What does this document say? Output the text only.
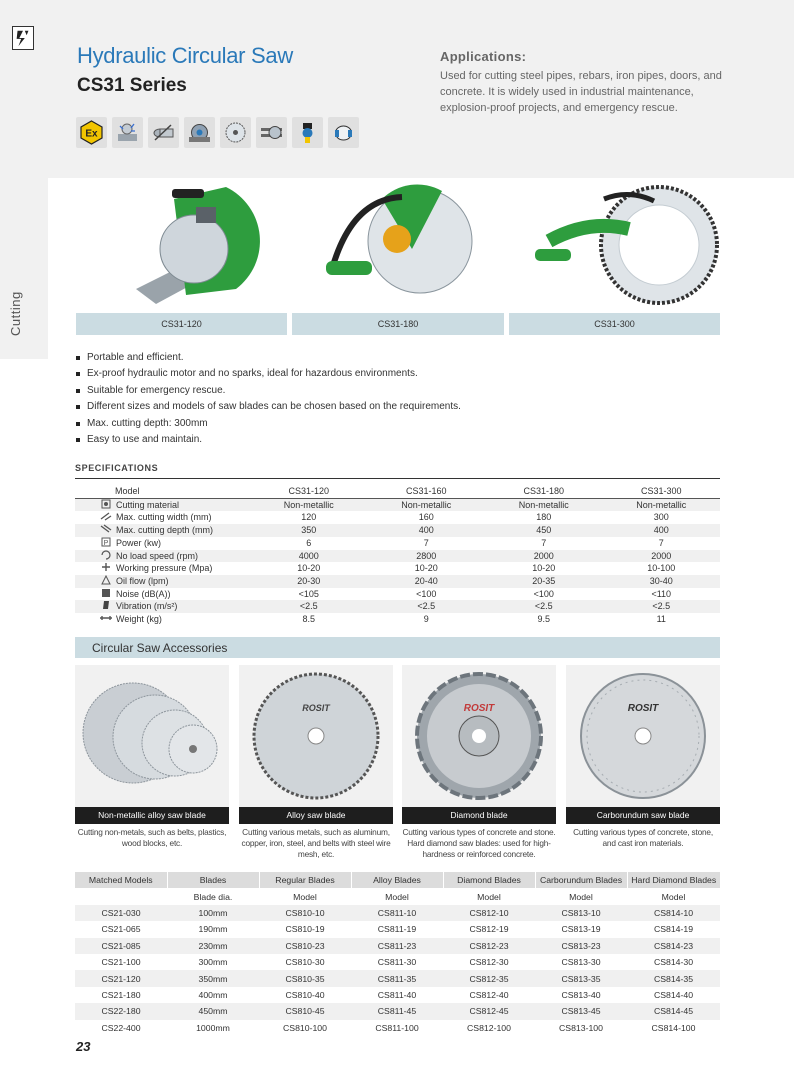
Hydraulic Circular Saw
CS31 Series
Ex
Applications:
Used for cutting steel pipes, rebars, iron pipes, doors, and concrete. It is widely used in industrial maintenance, explosion-proof projects, and emergency rescue.
Cutting	CS31-120	CS31-180	CS31-300
Portable and efficient.
Ex-proof hydraulic motor and no sparks, ideal for hazardous environments.
Suitable for emergency rescue.
Different sizes and models of saw blades can be chosen based on the requirements.
Max. cutting depth: 300mm
Easy to use and maintain.
SPECIFICATIONS
Model	CS31-120	CS31-160	CS31-180	CS31-300

Cutting material	Non-metallic	Non-metallic	Non-metallic	Non-metallic

Max. cutting width (mm)	120	160	180	300

Max. cutting depth (mm)	350	400	450	400

P Power (kw)	6	7	7	7

No load speed (rpm)	4000	2800	2000	2000

Working pressure (Mpa)	10-20	10-20	10-20	10-100

Oil flow (lpm)	20-30	20-40	20-35	30-40

Noise (dB(A))	<105	<100	<100	<110

Vibration (m/s²)	<2.5	<2.5	<2.5	<2.5

Weight (kg)	8.5	9	9.5	11
Circular Saw Accessories
Non-metallic alloy saw blade
Cutting non-metals, such as belts, plastics, wood blocks, etc.
ROSIT
Alloy saw blade
Cutting various metals, such as aluminum, copper, iron, steel, and belts with steel wire mesh, etc.
ROSIT
Diamond blade
Cutting various types of concrete and stone. Hard diamond saw blades: used for high-hardness or reinforced concrete.
ROSIT
Carborundum saw blade
Cutting various types of concrete, stone, and cast iron materials.
Matched Models	Blades	Regular Blades	Alloy Blades	Diamond Blades	Carborundum Blades	Hard Diamond Blades
	Blade dia.	Model	Model	Model	Model	Model
CS21-030	100mm	CS810-10	CS811-10	CS812-10	CS813-10	CS814-10
CS21-065	190mm	CS810-19	CS811-19	CS812-19	CS813-19	CS814-19
CS21-085	230mm	CS810-23	CS811-23	CS812-23	CS813-23	CS814-23
CS21-100	300mm	CS810-30	CS811-30	CS812-30	CS813-30	CS814-30
CS21-120	350mm	CS810-35	CS811-35	CS812-35	CS813-35	CS814-35
CS21-180	400mm	CS810-40	CS811-40	CS812-40	CS813-40	CS814-40
CS22-180	450mm	CS810-45	CS811-45	CS812-45	CS813-45	CS814-45
CS22-400	1000mm	CS810-100	CS811-100	CS812-100	CS813-100	CS814-100
23
